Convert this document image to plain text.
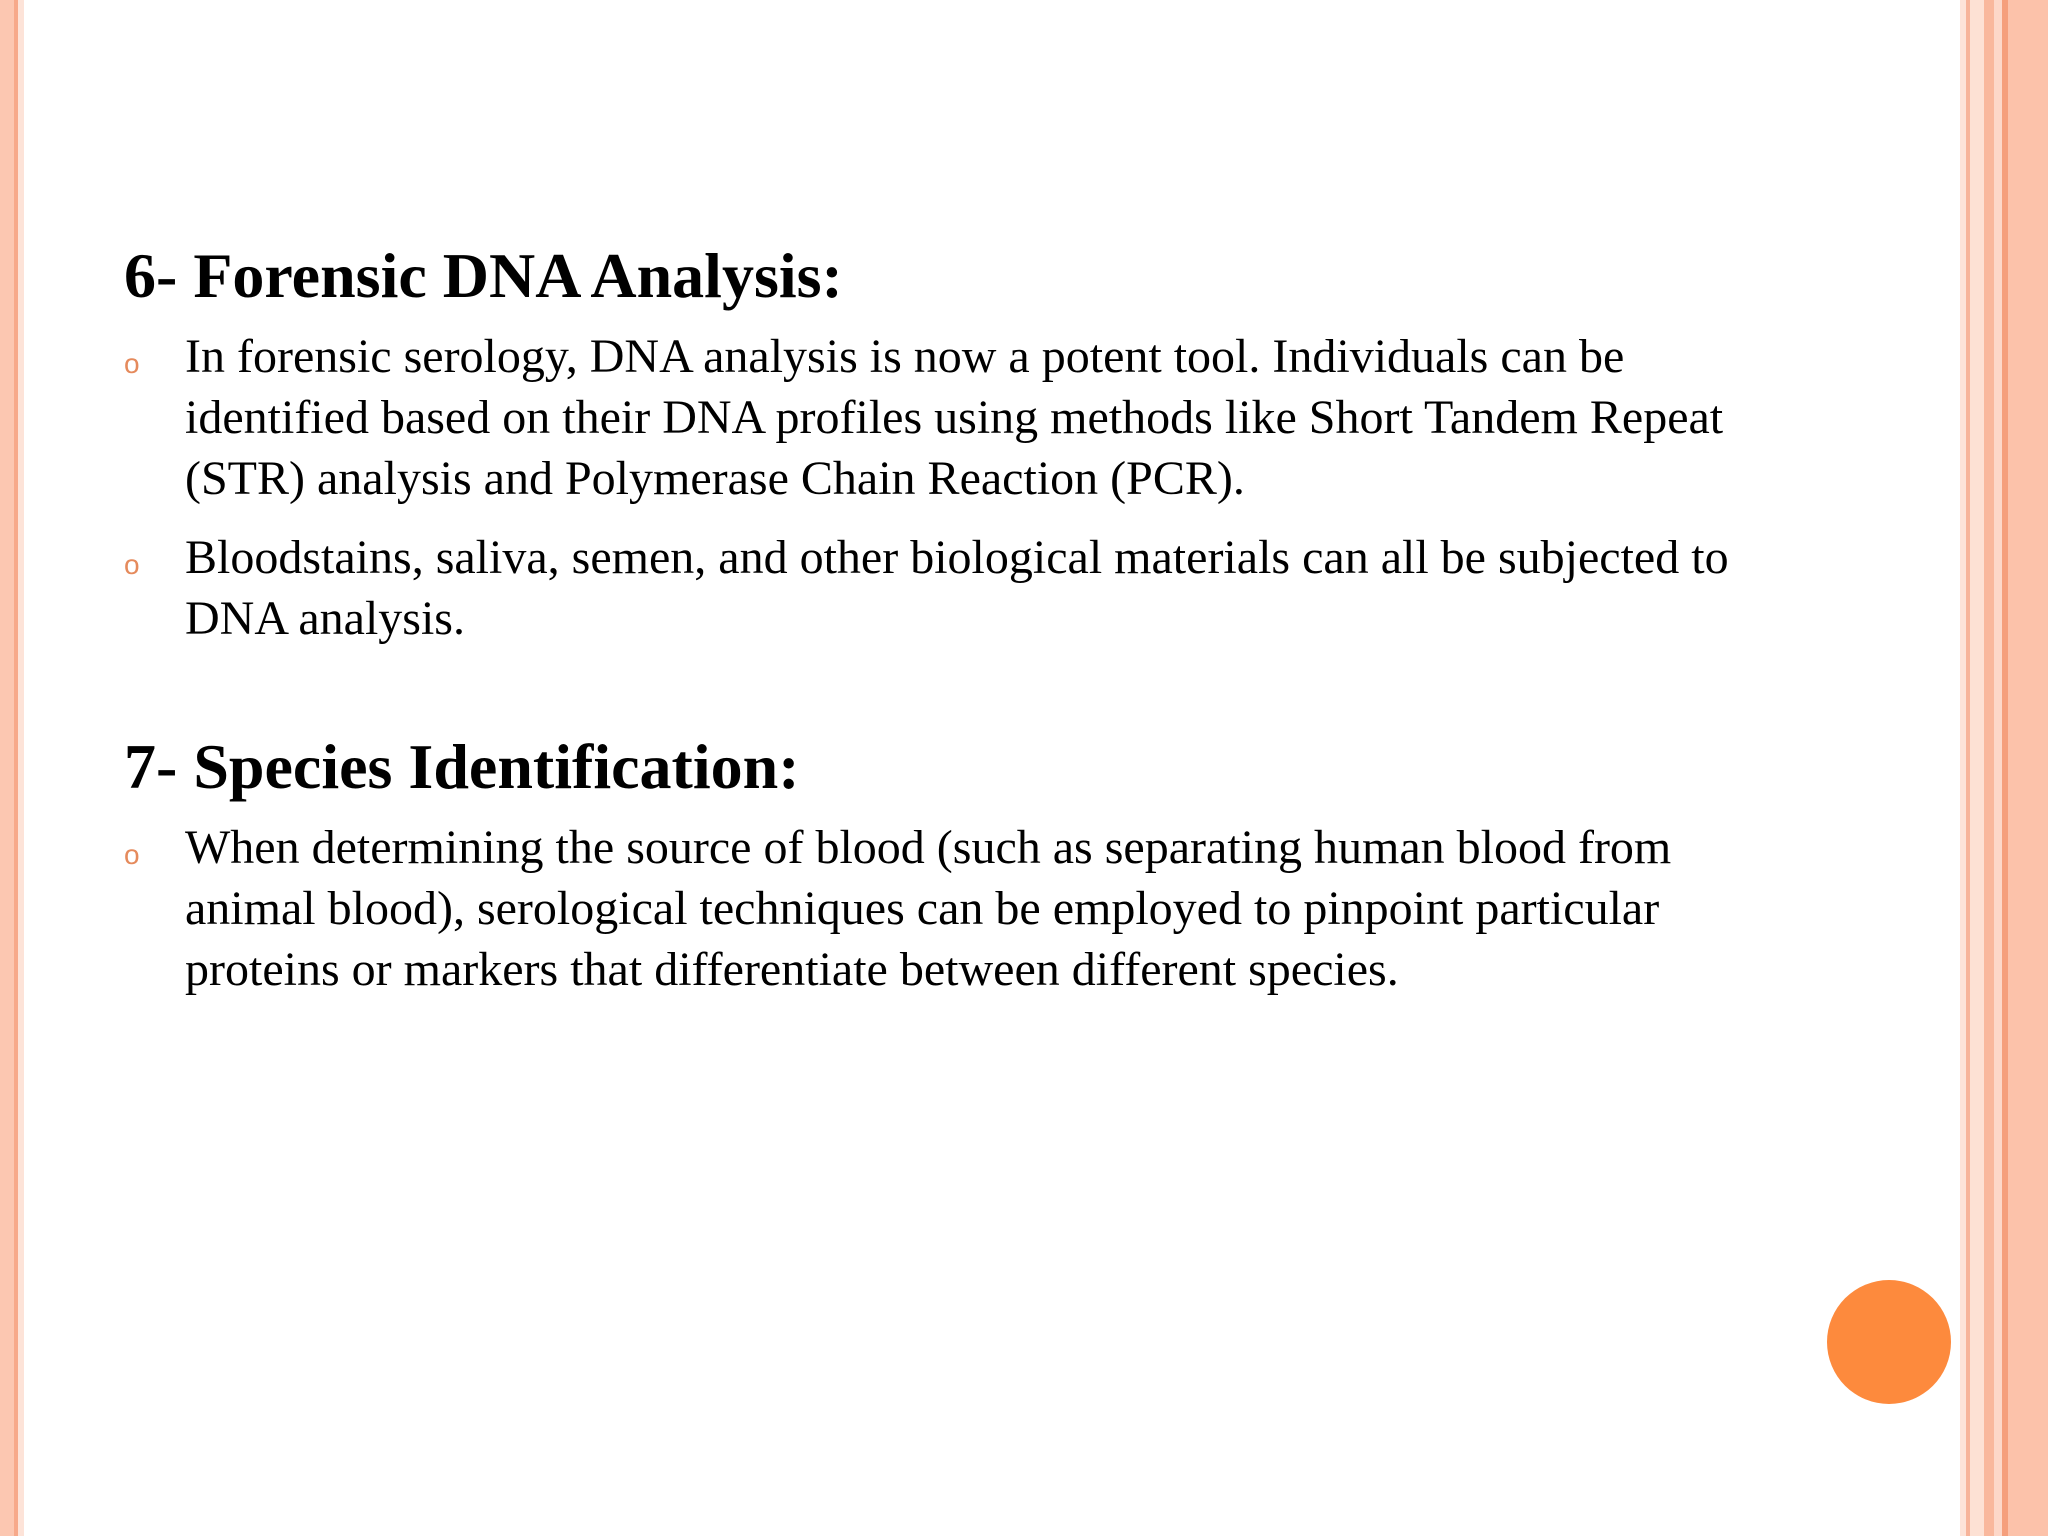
6- Forensic DNA Analysis:
o In forensic serology, DNA analysis is now a potent tool. Individuals can be identified based on their DNA profiles using methods like Short Tandem Repeat (STR) analysis and Polymerase Chain Reaction (PCR).
o Bloodstains, saliva, semen, and other biological materials can all be subjected to DNA analysis.
7- Species Identification:
o When determining the source of blood (such as separating human blood from animal blood), serological techniques can be employed to pinpoint particular proteins or markers that differentiate between different species.
